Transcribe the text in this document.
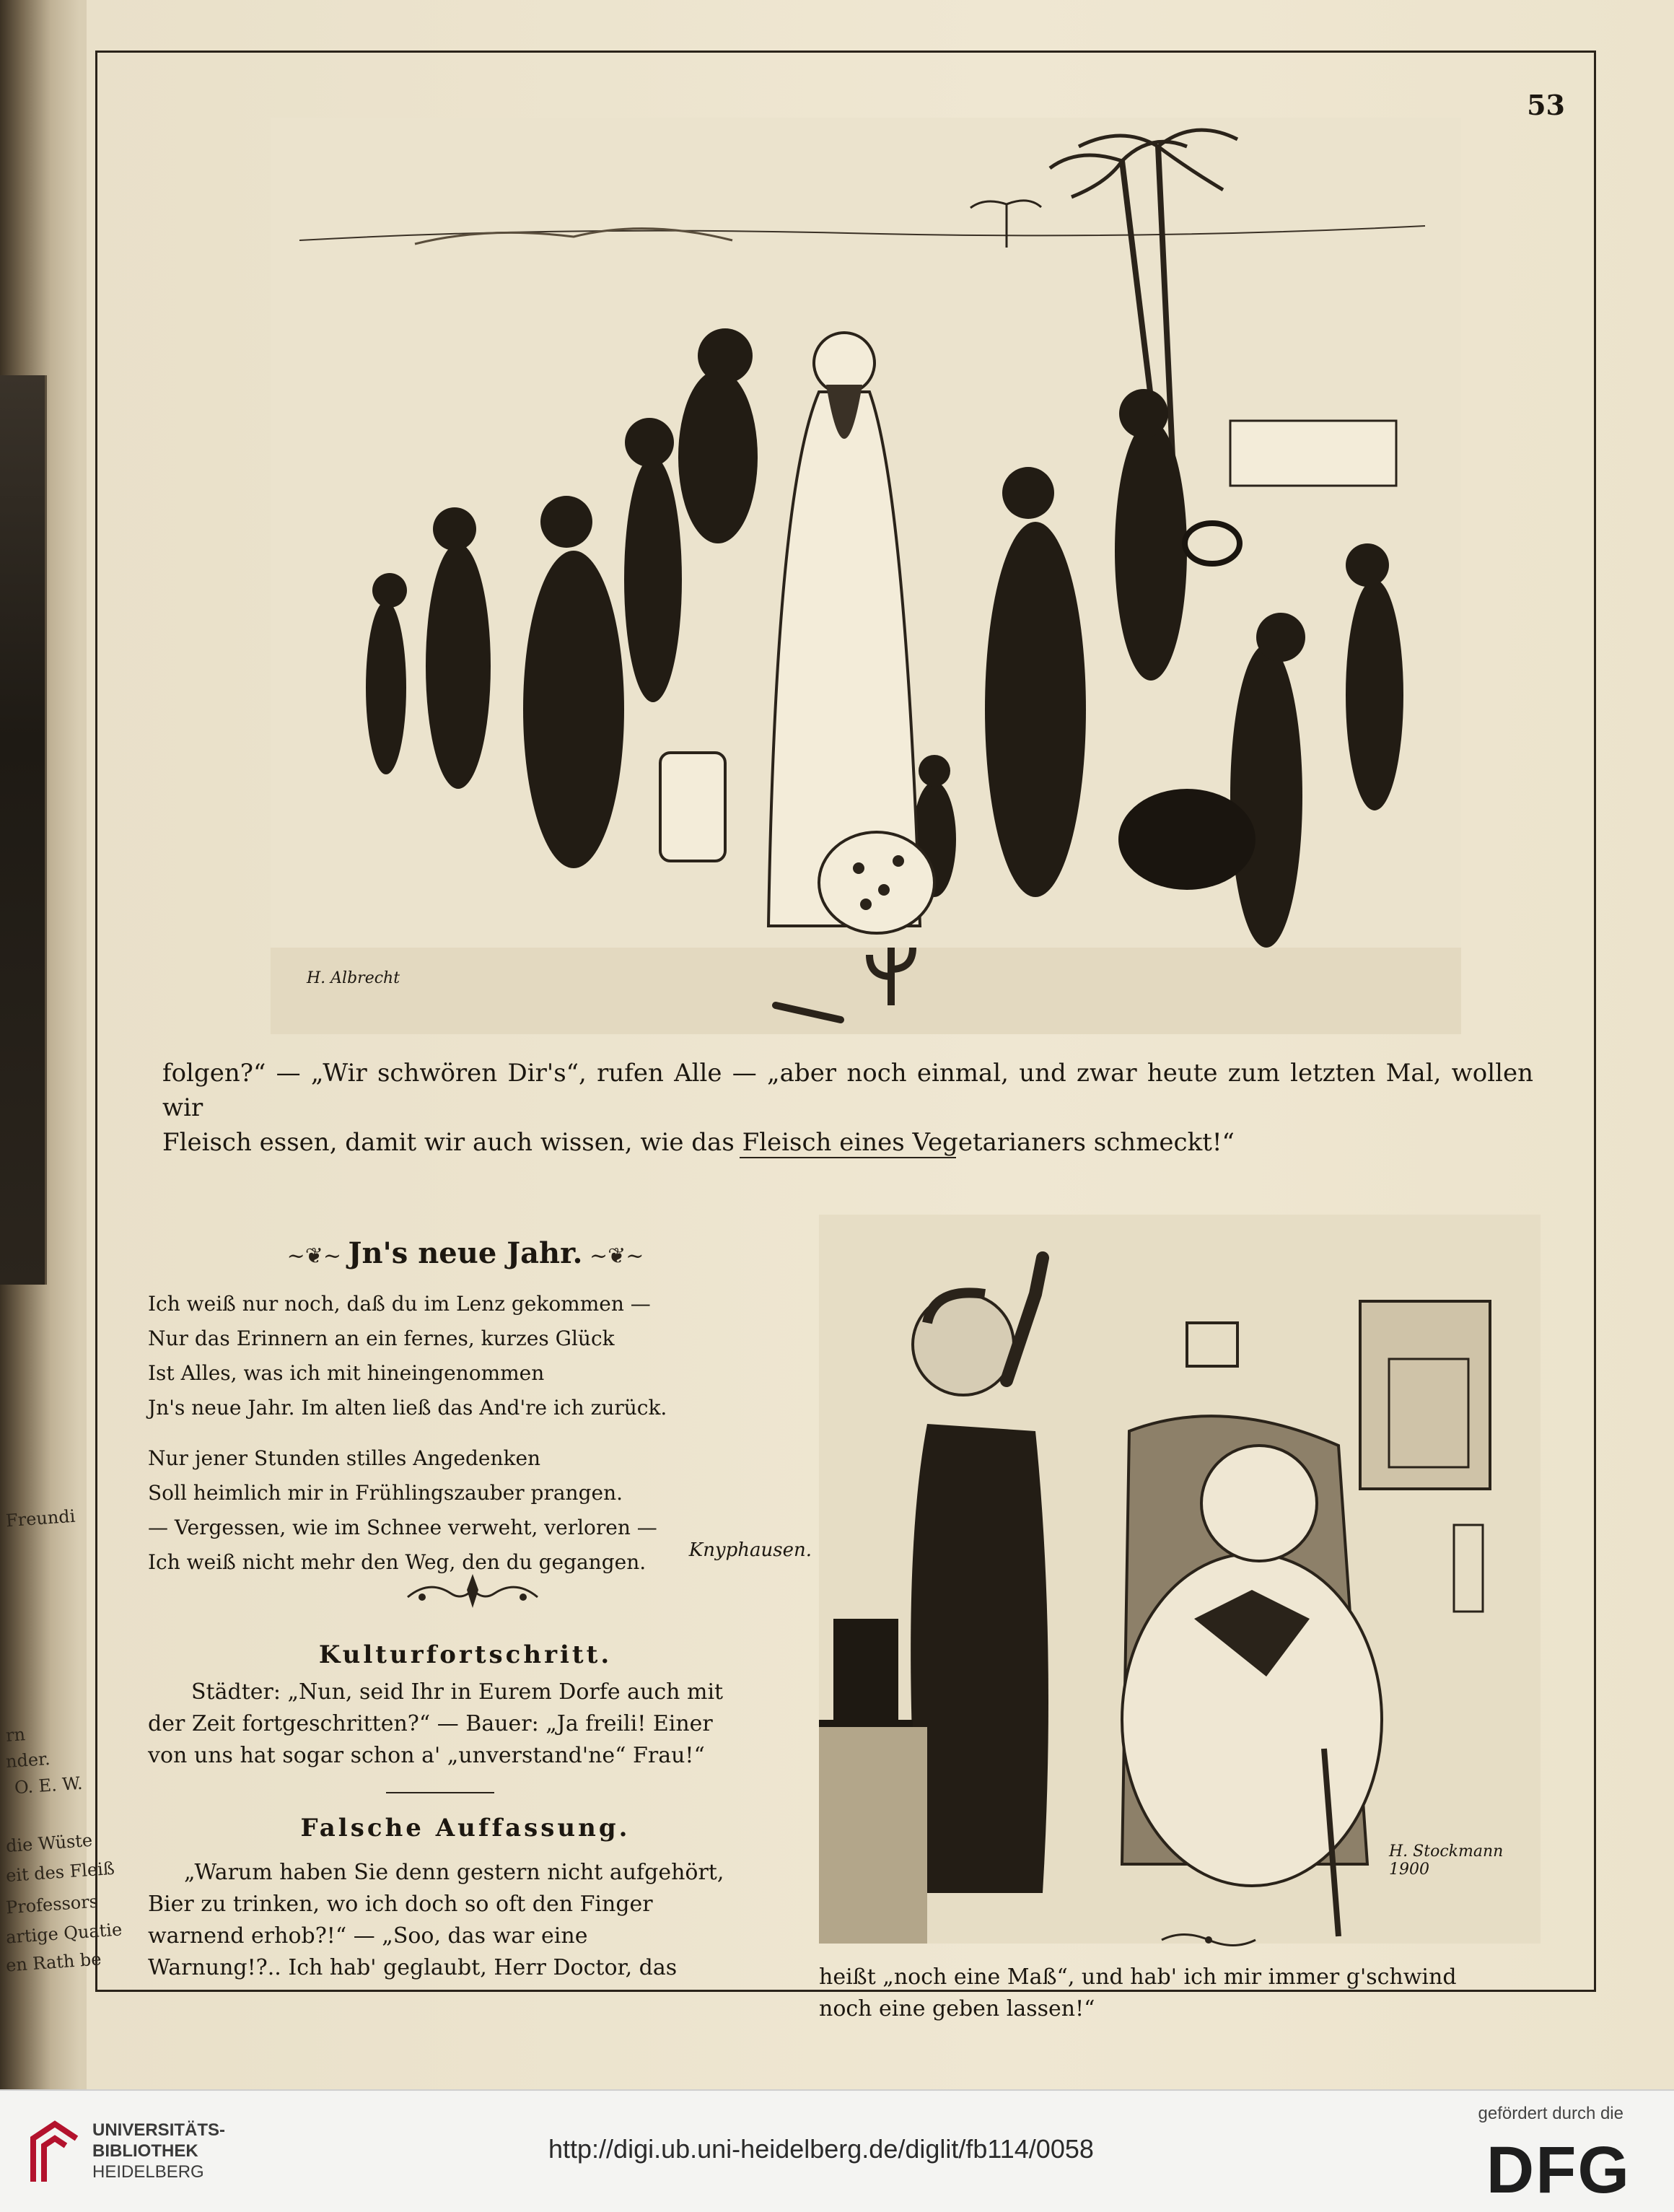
Freundi
rn
nder.
O. E. W.
die Wüste
eit des Fleiß
Professors
artige Quatie
en Rath be
53
H. Albrecht
folgen?“ — „Wir schwören Dir's“, rufen Alle — „aber noch einmal, und zwar heute zum letzten Mal, wollen wir
Fleisch essen, damit wir auch wissen, wie das Fleisch eines Vegetarianers schmeckt!“
~❦~ Jn's neue Jahr. ~❦~
Ich weiß nur noch, daß du im Lenz gekommen —
Nur das Erinnern an ein fernes, kurzes Glück
Ist Alles, was ich mit hineingenommen
Jn's neue Jahr. Im alten ließ das And're ich zurück.
Nur jener Stunden stilles Angedenken
Soll heimlich mir in Frühlingszauber prangen.
— Vergessen, wie im Schnee verweht, verloren —
Ich weiß nicht mehr den Weg, den du gegangen.	Knyphausen.
Kulturfortschritt.
Städter: „Nun, seid Ihr in Eurem Dorfe auch mit
der Zeit fortgeschritten?“ — Bauer: „Ja freili! Einer
von uns hat sogar schon a' „unverstand'ne“ Frau!“
Falsche Auffassung.
„Warum haben Sie denn gestern nicht aufgehört,
Bier zu trinken, wo ich doch so oft den Finger
warnend erhob?!“ — „Soo, das war eine
Warnung!?.. Ich hab' geglaubt, Herr Doctor, das
H. Stockmann 1900
heißt „noch eine Maß“, und hab' ich mir immer g'schwind
noch eine geben lassen!“
UNIVERSITÄTS-
BIBLIOTHEK
HEIDELBERG
http://digi.ub.uni-heidelberg.de/diglit/fb114/0058
gefördert durch die
DFG
